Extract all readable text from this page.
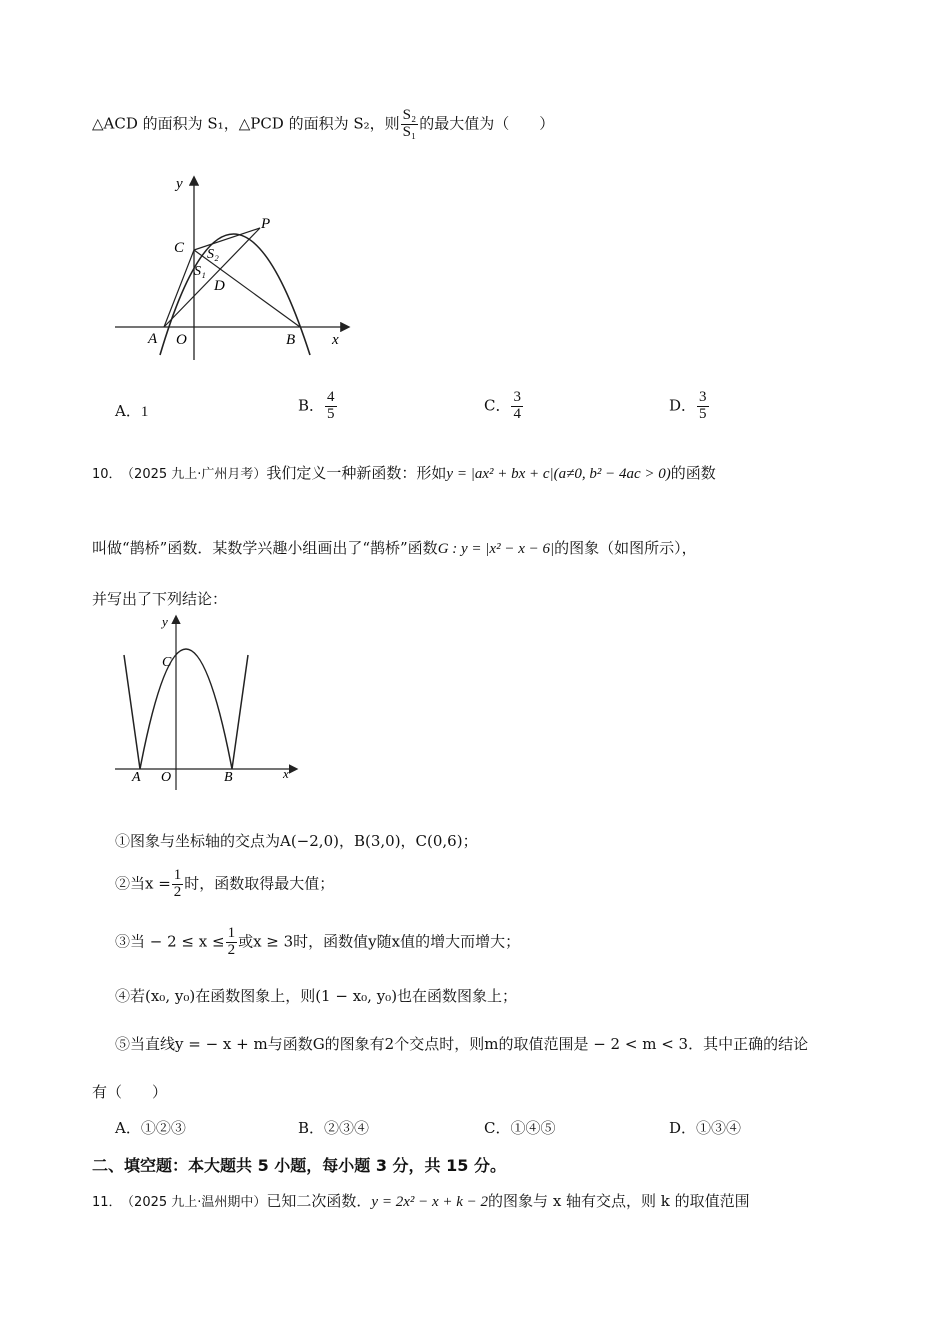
△ACD 的面积为 S₁，△PCD 的面积为 S₂，则 $\frac{\text{S₂}}{\text{S₁}}$ 的最大值为（　　）
y
x
C
P
S₂
S₁
D
A O	B
A．1	B． $\frac{4}{5}$	C． $\frac{3}{4}$	D． $\frac{3}{5}$
10． （2025 九上·广州月考）我们定义一种新函数：形如y = |ax² + bx + c|(a≠0, b² − 4ac > 0)的函数
叫做“鹊桥”函数．某数学兴趣小组画出了“鹊桥”函数G : y = |x² − x − 6|的图象（如图所示），
并写出了下列结论：
y
x
C
A O	B
①图象与坐标轴的交点为A(−2,0)，B(3,0)，C(0,6)；
②当$x = \frac{1}{2}$ 时，函数取得最大值；
③当 − $2 \le x \le \frac{1}{2}$ 或x ≥ 3时，函数值y随x值的增大而增大；
④若(x₀, y₀)在函数图象上，则(1 − x₀, y₀)也在函数图象上；
⑤当直线y = − x + m与函数G的图象有2个交点时，则m的取值范围是 − 2 < m < 3．其中正确的结论
有（　　）
A．①②③	B．②③④	C．①④⑤	D．①③④
二、填空题：本大题共 5 小题，每小题 3 分，共 15 分。
11． （2025 九上·温州期中）已知二次函数．y = 2x² − x + k − 2的图象与 x 轴有交点，则 k 的取值范围
